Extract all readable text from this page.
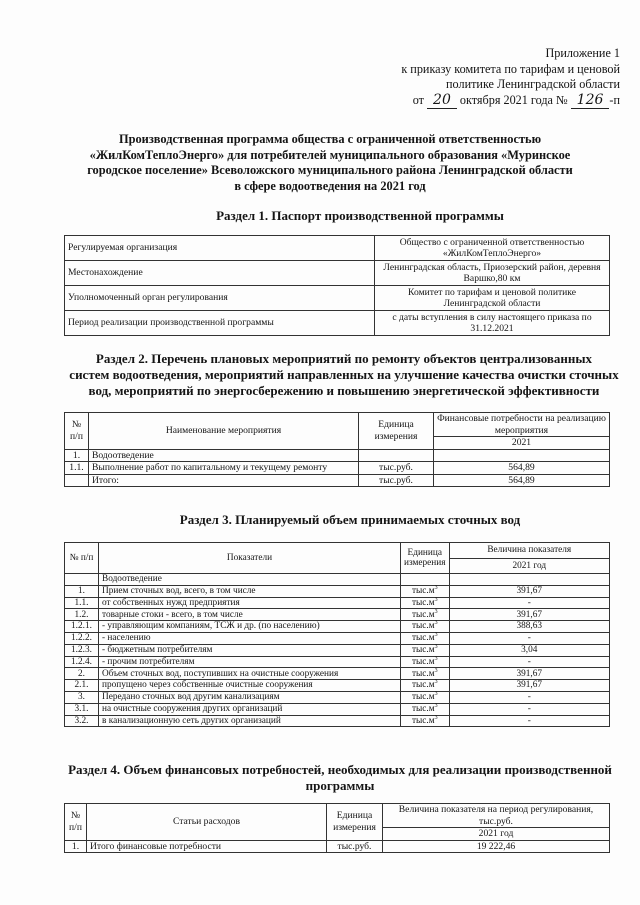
Приложение 1
к приказу комитета по тарифам и ценовой
политике Ленинградской области
от 20 октября 2021 года № 126 -п
Производственная программа общества с ограниченной ответственностью
«ЖилКомТеплоЭнерго» для потребителей муниципального образования «Муринское
городское поселение» Всеволожского муниципального района Ленинградской области
в сфере водоотведения на 2021 год
Раздел 1. Паспорт производственной программы
Регулируемая организация	Общество с ограниченной ответственностью «ЖилКомТеплоЭнерго»
Местонахождение	Ленинградская область, Приозерский район, деревня Варшко,80 км
Уполномоченный орган регулирования	Комитет по тарифам и ценовой политике Ленинградской области
Период реализации производственной программы	с даты вступления в силу настоящего приказа по 31.12.2021
Раздел 2. Перечень плановых мероприятий по ремонту объектов централизованных
систем водоотведения, мероприятий направленных на улучшение качества очистки сточных
вод, мероприятий по энергосбережению и повышению энергетической эффективности
№ п/п	Наименование мероприятия	Единица измерения	Финансовые потребности на реализацию мероприятия
			2021
1.	Водоотведение		
1.1.	Выполнение работ по капитальному и текущему ремонту	тыс.руб.	564,89
	Итого:	тыс.руб.	564,89
Раздел 3. Планируемый объем принимаемых сточных вод
№ п/п	Показатели	Единица измерения	Величина показателя
			2021 год
	Водоотведение		
1.	Прием сточных вод, всего, в том числе	$тыс.м^3$	391,67
1.1.	от собственных нужд предприятия	$тыс.м^3$	-
1.2.	товарные стоки - всего, в том числе	$тыс.м^3$	391,67
1.2.1.	- управляющим компаниям, ТСЖ и др. (по населению)	$тыс.м^3$	388,63
1.2.2.	- населению	$тыс.м^3$	-
1.2.3.	- бюджетным потребителям	$тыс.м^3$	3,04
1.2.4.	- прочим потребителям	$тыс.м^3$	-
2.	Объем сточных вод, поступивших на очистные сооружения	$тыс.м^3$	391,67
2.1.	пропущено через собственные очистные сооружения	$тыс.м^3$	391,67
3.	Передано сточных вод другим канализациям	$тыс.м^3$	-
3.1.	на очистные сооружения других организаций	$тыс.м^3$	-
3.2.	в канализационную сеть других организаций	$тыс.м^3$	-
Раздел 4. Объем финансовых потребностей, необходимых для реализации производственной
программы
№ п/п	Статьи расходов	Единица измерения	Величина показателя на период регулирования, тыс.руб.
			2021 год
1.	Итого финансовые потребности	тыс.руб.	19 222,46
